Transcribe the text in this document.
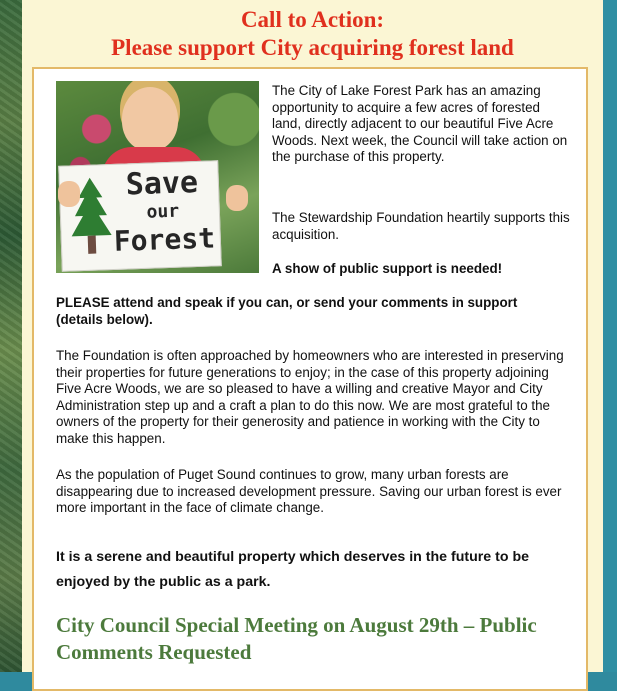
Call to Action:
Please support City acquiring forest land
Save
our
Forest
The City of Lake Forest Park has an amazing opportunity to acquire a few acres of forested land, directly adjacent to our beautiful Five Acre Woods. Next week, the Council will take action on the purchase of this property.
The Stewardship Foundation heartily supports this acquisition.
A show of public support is needed!
PLEASE attend and speak if you can, or send your comments in support (details below).
The Foundation is often approached by homeowners who are interested in preserving their properties for future generations to enjoy; in the case of this property adjoining Five Acre Woods, we are so pleased to have a willing and creative Mayor and City Administration step up and a craft a plan to do this now. We are most grateful to the owners of the property for their generosity and patience in working with the City to make this happen.
As the population of Puget Sound continues to grow, many urban forests are disappearing due to increased development pressure. Saving our urban forest is ever more important in the face of climate change.
It is a serene and beautiful property which deserves in the future to be enjoyed by the public as a park.
City Council Special Meeting on August 29th – Public Comments Requested
